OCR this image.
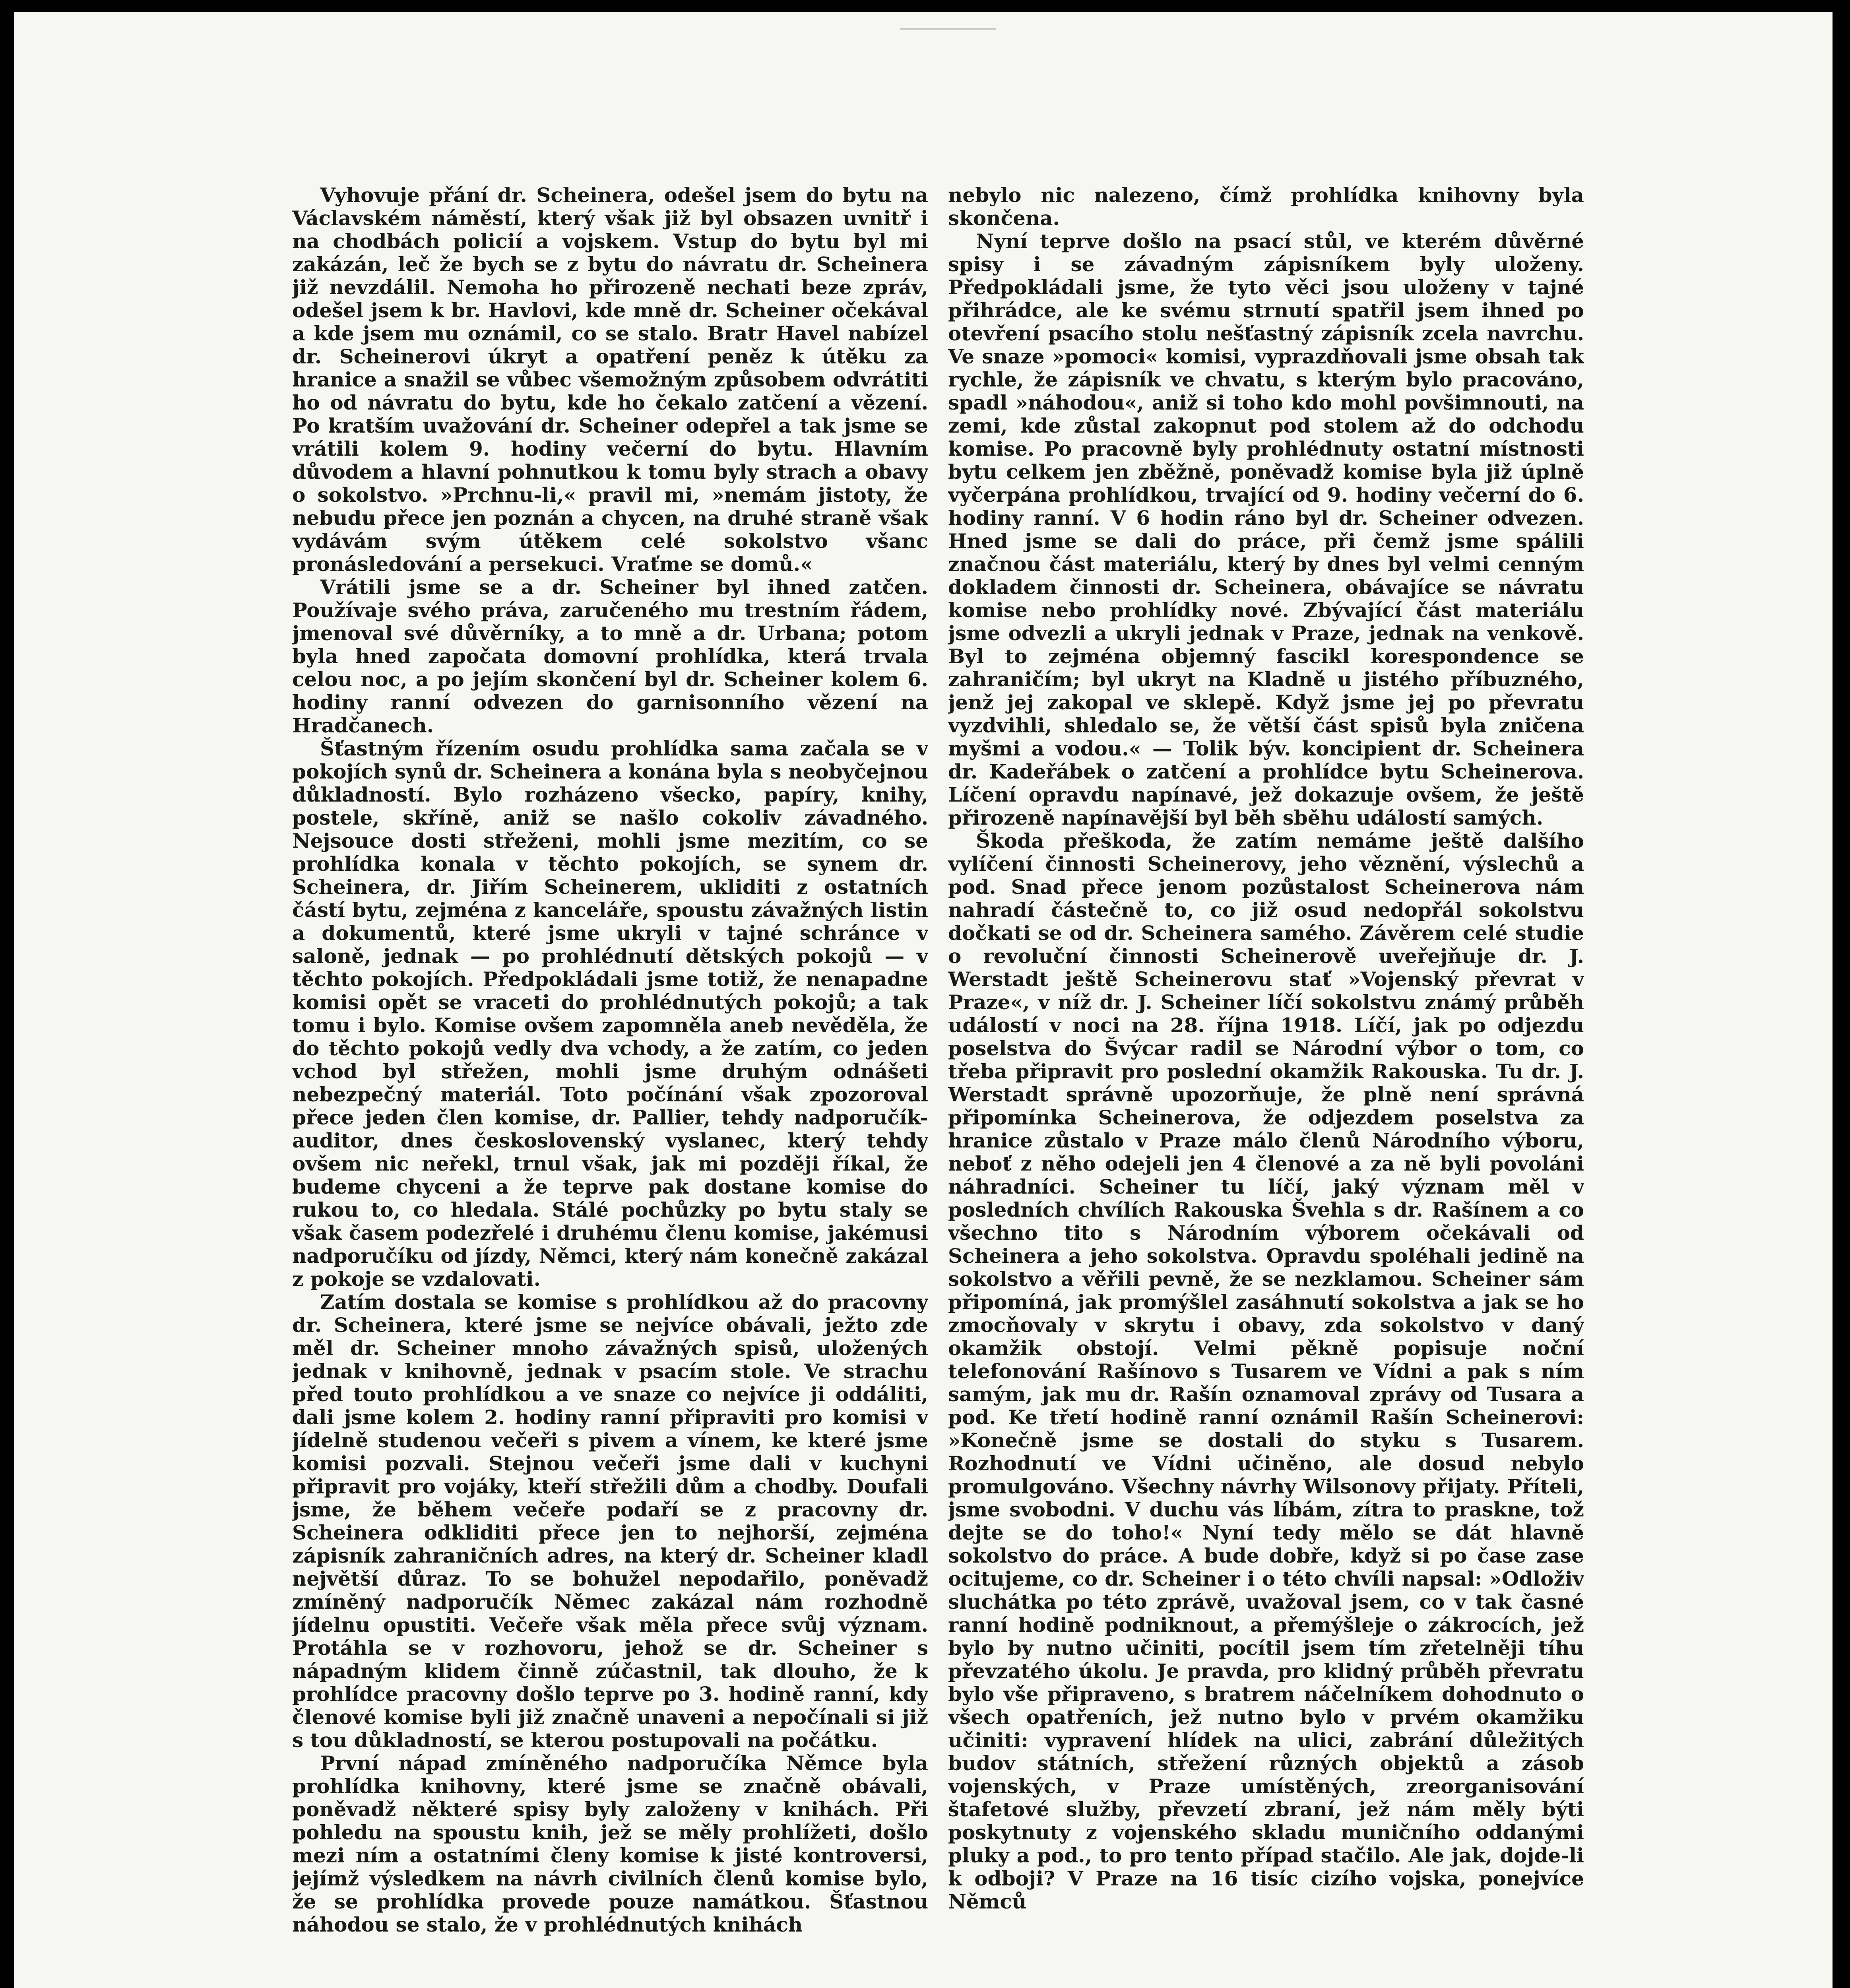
Vyhovuje přání dr. Scheinera, odešel jsem do bytu na Václavském náměstí, který však již byl obsazen uvnitř i na chodbách policií a vojskem. Vstup do bytu byl mi zakázán, leč že bych se z bytu do návratu dr. Scheinera již nevzdálil. Nemoha ho přirozeně nechati beze zpráv, odešel jsem k br. Havlovi, kde mně dr. Scheiner očekával a kde jsem mu oznámil, co se stalo. Bratr Havel nabízel dr. Scheinerovi úkryt a opatření peněz k útěku za hranice a snažil se vůbec všemožným způsobem odvrátiti ho od návratu do bytu, kde ho čekalo zatčení a vězení. Po kratším uvažování dr. Scheiner odepřel a tak jsme se vrátili kolem 9. hodiny večerní do bytu. Hlavním důvodem a hlavní pohnutkou k tomu byly strach a obavy o sokolstvo. »Prchnu-li,« pravil mi, »nemám jistoty, že nebudu přece jen poznán a chycen, na druhé straně však vydávám svým útěkem celé sokolstvo všanc pronásledování a persekuci. Vraťme se domů.«

Vrátili jsme se a dr. Scheiner byl ihned zatčen. Používaje svého práva, zaručeného mu trestním řádem, jmenoval své důvěrníky, a to mně a dr. Urbana; potom byla hned započata domovní prohlídka, která trvala celou noc, a po jejím skončení byl dr. Scheiner kolem 6. hodiny ranní odvezen do garnisonního vězení na Hradčanech.

Šťastným řízením osudu prohlídka sama začala se v pokojích synů dr. Scheinera a konána byla s neobyčejnou důkladností. Bylo rozházeno všecko, papíry, knihy, postele, skříně, aniž se našlo cokoliv závadného. Nejsouce dosti střeženi, mohli jsme mezitím, co se prohlídka konala v těchto pokojích, se synem dr. Scheinera, dr. Jiřím Scheinerem, ukliditi z ostatních částí bytu, zejména z kanceláře, spoustu závažných listin a dokumentů, které jsme ukryli v tajné schránce v saloně, jednak — po prohlédnutí dětských pokojů — v těchto pokojích. Předpokládali jsme totiž, že nenapadne komisi opět se vraceti do prohlédnutých pokojů; a tak tomu i bylo. Komise ovšem zapomněla aneb nevěděla, že do těchto pokojů vedly dva vchody, a že zatím, co jeden vchod byl střežen, mohli jsme druhým odnášeti nebezpečný materiál. Toto počínání však zpozoroval přece jeden člen komise, dr. Pallier, tehdy nadporučík-auditor, dnes československý vyslanec, který tehdy ovšem nic neřekl, trnul však, jak mi později říkal, že budeme chyceni a že teprve pak dostane komise do rukou to, co hledala. Stálé pochůzky po bytu staly se však časem podezřelé i druhému členu komise, jakémusi nadporučíku od jízdy, Němci, který nám konečně zakázal z pokoje se vzdalovati.

Zatím dostala se komise s prohlídkou až do pracovny dr. Scheinera, které jsme se nejvíce obávali, ježto zde měl dr. Scheiner mnoho závažných spisů, uložených jednak v knihovně, jednak v psacím stole. Ve strachu před touto prohlídkou a ve snaze co nejvíce ji oddáliti, dali jsme kolem 2. hodiny ranní připraviti pro komisi v jídelně studenou večeři s pivem a vínem, ke které jsme komisi pozvali. Stejnou večeři jsme dali v kuchyni připravit pro vojáky, kteří střežili dům a chodby. Doufali jsme, že během večeře podaří se z pracovny dr. Scheinera odkliditi přece jen to nejhorší, zejména zápisník zahraničních adres, na který dr. Scheiner kladl největší důraz. To se bohužel nepodařilo, poněvadž zmíněný nadporučík Němec zakázal nám rozhodně jídelnu opustiti. Večeře však měla přece svůj význam. Protáhla se v rozhovoru, jehož se dr. Scheiner s nápadným klidem činně zúčastnil, tak dlouho, že k prohlídce pracovny došlo teprve po 3. hodině ranní, kdy členové komise byli již značně unaveni a nepočínali si již s tou důkladností, se kterou postupovali na počátku.

První nápad zmíněného nadporučíka Němce byla prohlídka knihovny, které jsme se značně obávali, poněvadž některé spisy byly založeny v knihách. Při pohledu na spoustu knih, jež se měly prohlížeti, došlo mezi ním a ostatními členy komise k jisté kontroversi, jejímž výsledkem na návrh civilních členů komise bylo, že se prohlídka provede pouze namátkou. Šťastnou náhodou se stalo, že v prohlédnutých knihách

nebylo nic nalezeno, čímž prohlídka knihovny byla skončena.

Nyní teprve došlo na psací stůl, ve kterém důvěrné spisy i se závadným zápisníkem byly uloženy. Předpokládali jsme, že tyto věci jsou uloženy v tajné přihrádce, ale ke svému strnutí spatřil jsem ihned po otevření psacího stolu nešťastný zápisník zcela navrchu. Ve snaze »pomoci« komisi, vyprazdňovali jsme obsah tak rychle, že zápisník ve chvatu, s kterým bylo pracováno, spadl »náhodou«, aniž si toho kdo mohl povšimnouti, na zemi, kde zůstal zakopnut pod stolem až do odchodu komise. Po pracovně byly prohlédnuty ostatní místnosti bytu celkem jen zběžně, poněvadž komise byla již úplně vyčerpána prohlídkou, trvající od 9. hodiny večerní do 6. hodiny ranní. V 6 hodin ráno byl dr. Scheiner odvezen. Hned jsme se dali do práce, při čemž jsme spálili značnou část materiálu, který by dnes byl velmi cenným dokladem činnosti dr. Scheinera, obávajíce se návratu komise nebo prohlídky nové. Zbývající část materiálu jsme odvezli a ukryli jednak v Praze, jednak na venkově. Byl to zejména objemný fascikl korespondence se zahraničím; byl ukryt na Kladně u jistého příbuzného, jenž jej zakopal ve sklepě. Když jsme jej po převratu vyzdvihli, shledalo se, že větší část spisů byla zničena myšmi a vodou.« — Tolik býv. koncipient dr. Scheinera dr. Kadeřábek o zatčení a prohlídce bytu Scheinerova. Líčení opravdu napínavé, jež dokazuje ovšem, že ještě přirozeně napínavější byl běh sběhu událostí samých.

Škoda přeškoda, že zatím nemáme ještě dalšího vylíčení činnosti Scheinerovy, jeho věznění, výslechů a pod. Snad přece jenom pozůstalost Scheinerova nám nahradí částečně to, co již osud nedopřál sokolstvu dočkati se od dr. Scheinera samého. Závěrem celé studie o revoluční činnosti Scheinerově uveřejňuje dr. J. Werstadt ještě Scheinerovu stať »Vojenský převrat v Praze«, v níž dr. J. Scheiner líčí sokolstvu známý průběh událostí v noci na 28. října 1918. Líčí, jak po odjezdu poselstva do Švýcar radil se Národní výbor o tom, co třeba připravit pro poslední okamžik Rakouska. Tu dr. J. Werstadt správně upozorňuje, že plně není správná připomínka Scheinerova, že odjezdem poselstva za hranice zůstalo v Praze málo členů Národního výboru, neboť z něho odejeli jen 4 členové a za ně byli povoláni náhradníci. Scheiner tu líčí, jaký význam měl v posledních chvílích Rakouska Švehla s dr. Rašínem a co všechno tito s Národním výborem očekávali od Scheinera a jeho sokolstva. Opravdu spoléhali jedině na sokolstvo a věřili pevně, že se nezklamou. Scheiner sám připomíná, jak promýšlel zasáhnutí sokolstva a jak se ho zmocňovaly v skrytu i obavy, zda sokolstvo v daný okamžik obstojí. Velmi pěkně popisuje noční telefonování Rašínovo s Tusarem ve Vídni a pak s ním samým, jak mu dr. Rašín oznamoval zprávy od Tusara a pod. Ke třetí hodině ranní oznámil Rašín Scheinerovi: »Konečně jsme se dostali do styku s Tusarem. Rozhodnutí ve Vídni učiněno, ale dosud nebylo promulgováno. Všechny návrhy Wilsonovy přijaty. Příteli, jsme svobodni. V duchu vás líbám, zítra to praskne, tož dejte se do toho!« Nyní tedy mělo se dát hlavně sokolstvo do práce. A bude dobře, když si po čase zase ocitujeme, co dr. Scheiner i o této chvíli napsal: »Odloživ sluchátka po této zprávě, uvažoval jsem, co v tak časné ranní hodině podniknout, a přemýšleje o zákrocích, jež bylo by nutno učiniti, pocítil jsem tím zřetelněji tíhu převzatého úkolu. Je pravda, pro klidný průběh převratu bylo vše připraveno, s bratrem náčelníkem dohodnuto o všech opatřeních, jež nutno bylo v prvém okamžiku učiniti: vypravení hlídek na ulici, zabrání důležitých budov státních, střežení různých objektů a zásob vojenských, v Praze umístěných, zreorganisování štafetové služby, převzetí zbraní, jež nám měly býti poskytnuty z vojenského skladu muničního oddanými pluky a pod., to pro tento případ stačilo. Ale jak, dojde-li k odboji? V Praze na 16 tisíc cizího vojska, ponejvíce Němců
